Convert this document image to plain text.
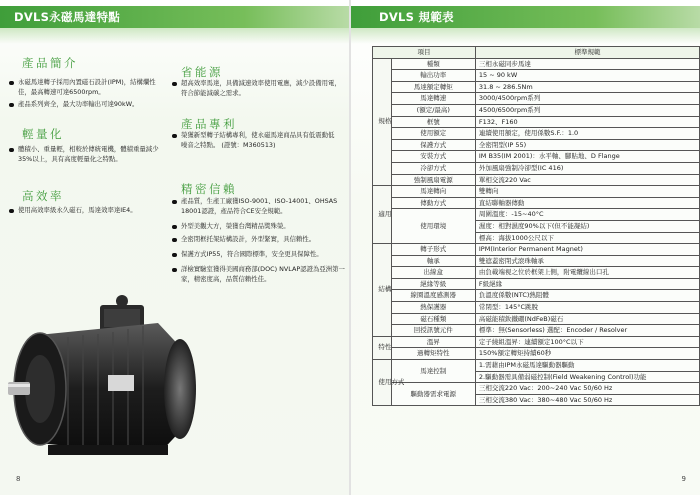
DVLS永磁馬達特點
產品簡介
永磁馬達轉子採用內置磁石設計(IPM)，結構爛性佳，最高轉速可達6500rpm。
產品系列齊全，最大功率輸出可達90kW。
輕量化
體積小、重量輕，相較於傳統電機，體積重量減少35%以上，具有高度輕量化之特點。
高效率
使用高效率級永久磁石，馬達效率達IE4。
省能源
超高效率馬達，具備減速效率使用電應，減少設備用電，符合節能減碳之需求。
產品專利
榮獲新型轉子結構專利，使永磁馬達商品具有低震動低噪音之特點。 (證號：M360513)
精密信賴
產品質，生產工廠獲ISO-9001、ISO-14001、OHSAS 18001認證，產品符合CE安全規範。
外型美觀大方，榮獲台灣精品獎殊榮。
全密閉框托架結構設計，外型緊實，具信賴性。
保護方式IP55，符合國際標準，安全更具保障性。
詳檢實驗室獲得美國商務部(DOC) NVLAP認證為亞洲第一家，精密度高，品質信賴性佳。
8
DVLS 規範表
項目		標準規範
規格	種類	三相永磁同步馬達
	輸出功率	15 ~ 90 kW
	馬達額定轉矩	31.8 ~ 286.5Nm
	馬達轉速	3000/4500rpm系列
	(額定/最高)	4500/6500rpm系列
	框號	F132、F160
	使用額定	連續使用額定，使用係數S.F.：1.0
	保護方式	全密閉型(IP 55)
	安裝方式	IM B35(IM 2001)：水平軸、腳貼地、D Flange
	冷卻方式	外加風扇強制冷卻型(IC 416)
	強制風扇電源	單相交流220 Vac
適用	馬達轉向	雙轉向
	傳動方式	直結聯軸器傳動
	使用環境	周圍溫度：-15~40°C
		濕度：相對濕度90%以下(但不能凝結)
		標高：海拔1000公尺以下
結構	轉子形式	IPM(Interior Permanent Magnet)
	軸承	雙遮蓋密閉式滾珠軸承
	出線盒	由負載端視之位於框架上側，附電纜線出口孔
	絕緣等級	F級絕緣
	線圈溫度感測器	負溫度係數(NTC)熱阻體
	熱保護器	常閉型：145°C跳脫
	磁石種類	高磁能積釹鐵硼(NdFeB)磁石
	回授訊號元件	標準：無(Sensorless) 選配：Encoder / Resolver
特性	溫昇	定子繞組溫昇：連續額定100°C以下
	過轉矩特性	150%額定轉矩持續60秒
使用方式	馬達控制	1.需藉由IPM永磁馬達驅動器驅動
		2.驅動器需具備弱磁控制(Field Weakening Control)功能
	驅動器需求電源	三相交流220 Vac：200~240 Vac 50/60 Hz
		三相交流380 Vac：380~480 Vac 50/60 Hz
9
